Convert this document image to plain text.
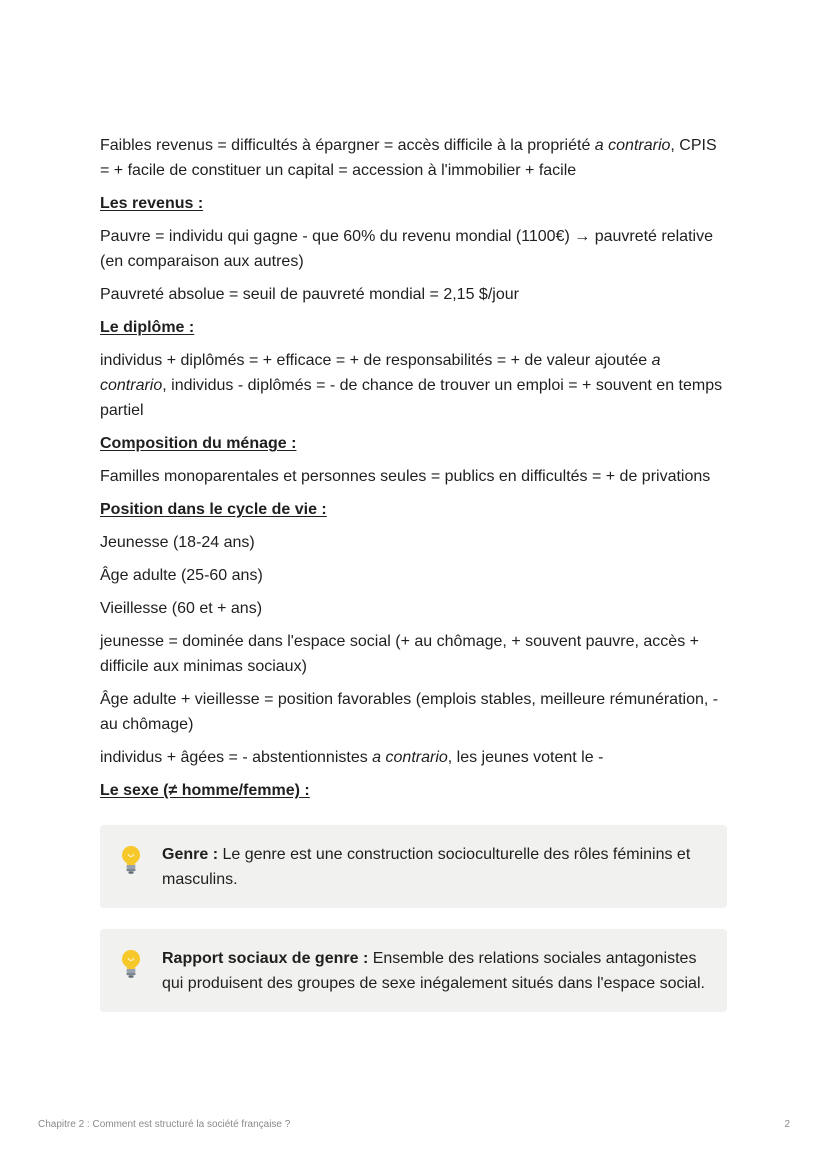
Faibles revenus = difficultés à épargner = accès difficile à la propriété a contrario, CPIS = + facile de constituer un capital = accession à l'immobilier + facile

Les revenus :

Pauvre = individu qui gagne - que 60% du revenu mondial (1100€) → pauvreté relative (en comparaison aux autres)

Pauvreté absolue = seuil de pauvreté mondial = 2,15 $/jour

Le diplôme :

individus + diplômés = + efficace = + de responsabilités = + de valeur ajoutée a contrario, individus - diplômés = - de chance de trouver un emploi = + souvent en temps partiel

Composition du ménage :

Familles monoparentales et personnes seules = publics en difficultés = + de privations

Position dans le cycle de vie :

Jeunesse (18-24 ans)

Âge adulte (25-60 ans)

Vieillesse (60 et + ans)

jeunesse = dominée dans l'espace social (+ au chômage, + souvent pauvre, accès + difficile aux minimas sociaux)

Âge adulte + vieillesse = position favorables (emplois stables, meilleure rémunération, - au chômage)

individus + âgées = - abstentionnistes a contrario, les jeunes votent le -

Le sexe (≠ homme/femme) :

Genre : Le genre est une construction socioculturelle des rôles féminins et masculins.
Rapport sociaux de genre : Ensemble des relations sociales antagonistes qui produisent des groupes de sexe inégalement situés dans l'espace social.
Chapitre 2 : Comment est structuré la société française ?	2
